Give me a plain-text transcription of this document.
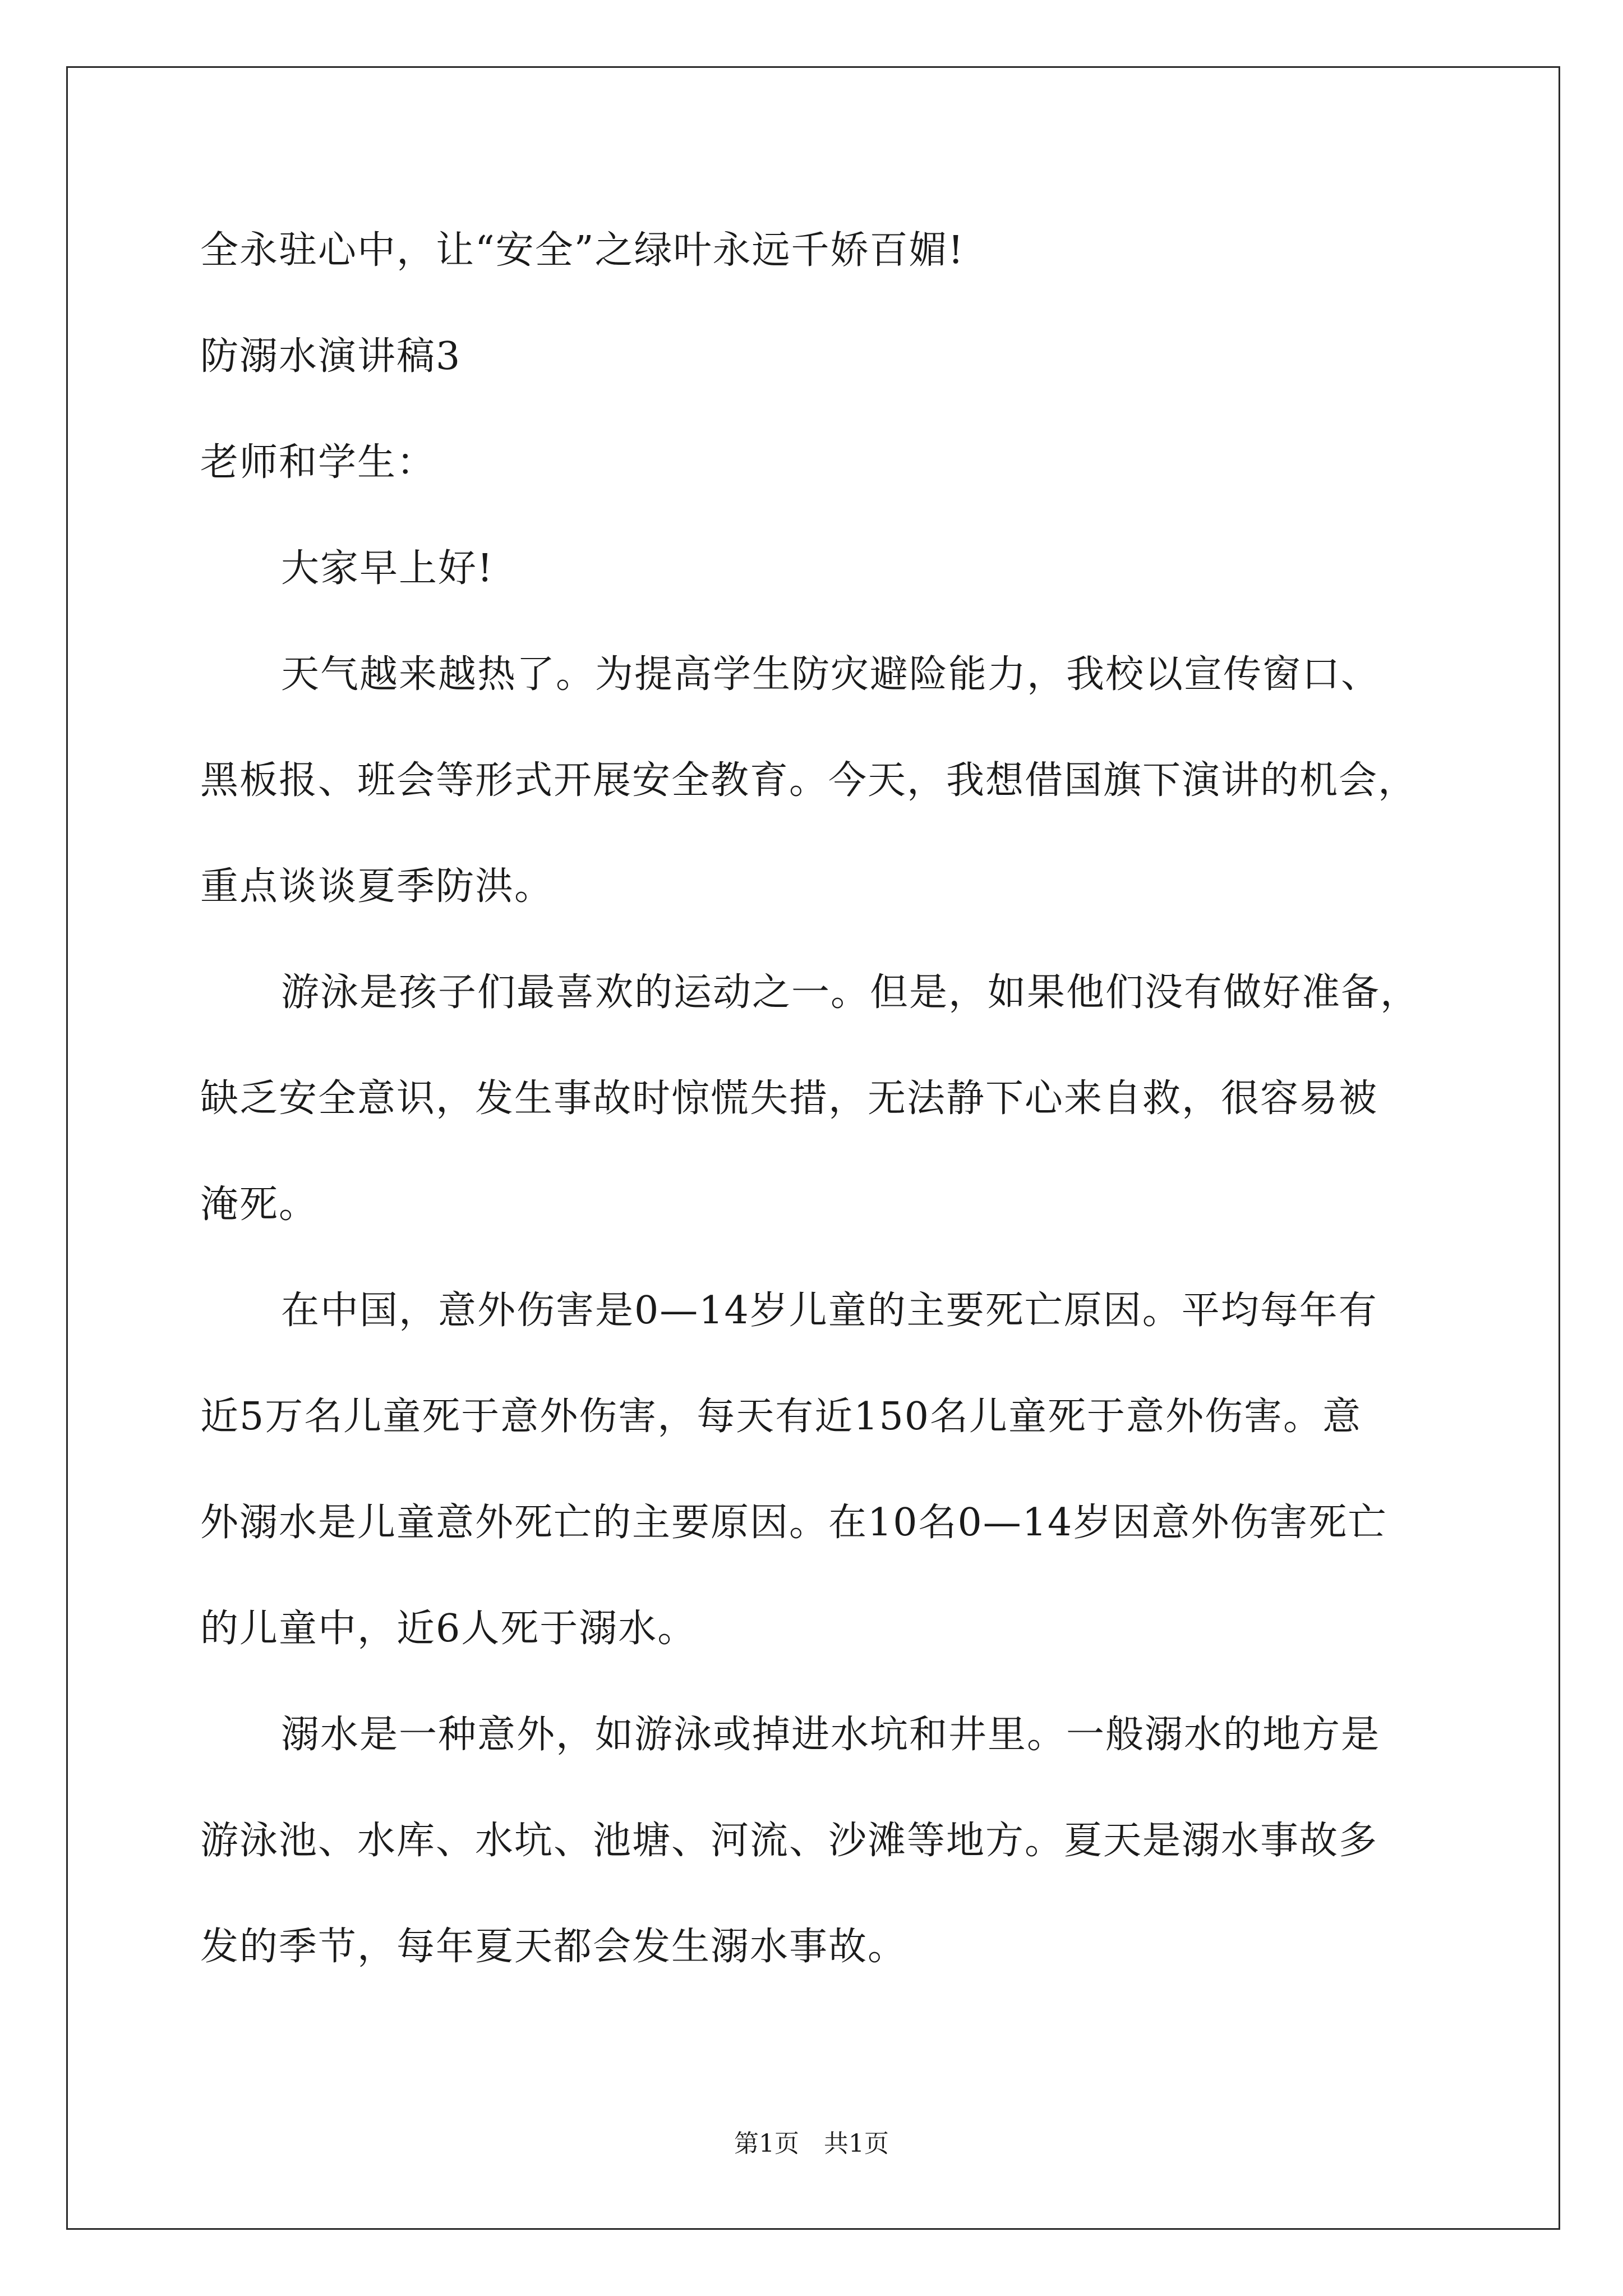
全永驻心中，让“安全”之绿叶永远千娇百媚!
防溺水演讲稿3
老师和学生：
大家早上好!
天气越来越热了。为提高学生防灾避险能力，我校以宣传窗口、
黑板报、班会等形式开展安全教育。今天，我想借国旗下演讲的机会，
重点谈谈夏季防洪。
游泳是孩子们最喜欢的运动之一。但是，如果他们没有做好准备，
缺乏安全意识，发生事故时惊慌失措，无法静下心来自救，很容易被
淹死。
在中国，意外伤害是0—14岁儿童的主要死亡原因。平均每年有
近5万名儿童死于意外伤害，每天有近150名儿童死于意外伤害。意
外溺水是儿童意外死亡的主要原因。在10名0—14岁因意外伤害死亡
的儿童中，近6人死于溺水。
溺水是一种意外，如游泳或掉进水坑和井里。一般溺水的地方是
游泳池、水库、水坑、池塘、河流、沙滩等地方。夏天是溺水事故多
发的季节，每年夏天都会发生溺水事故。
第1页 共1页
